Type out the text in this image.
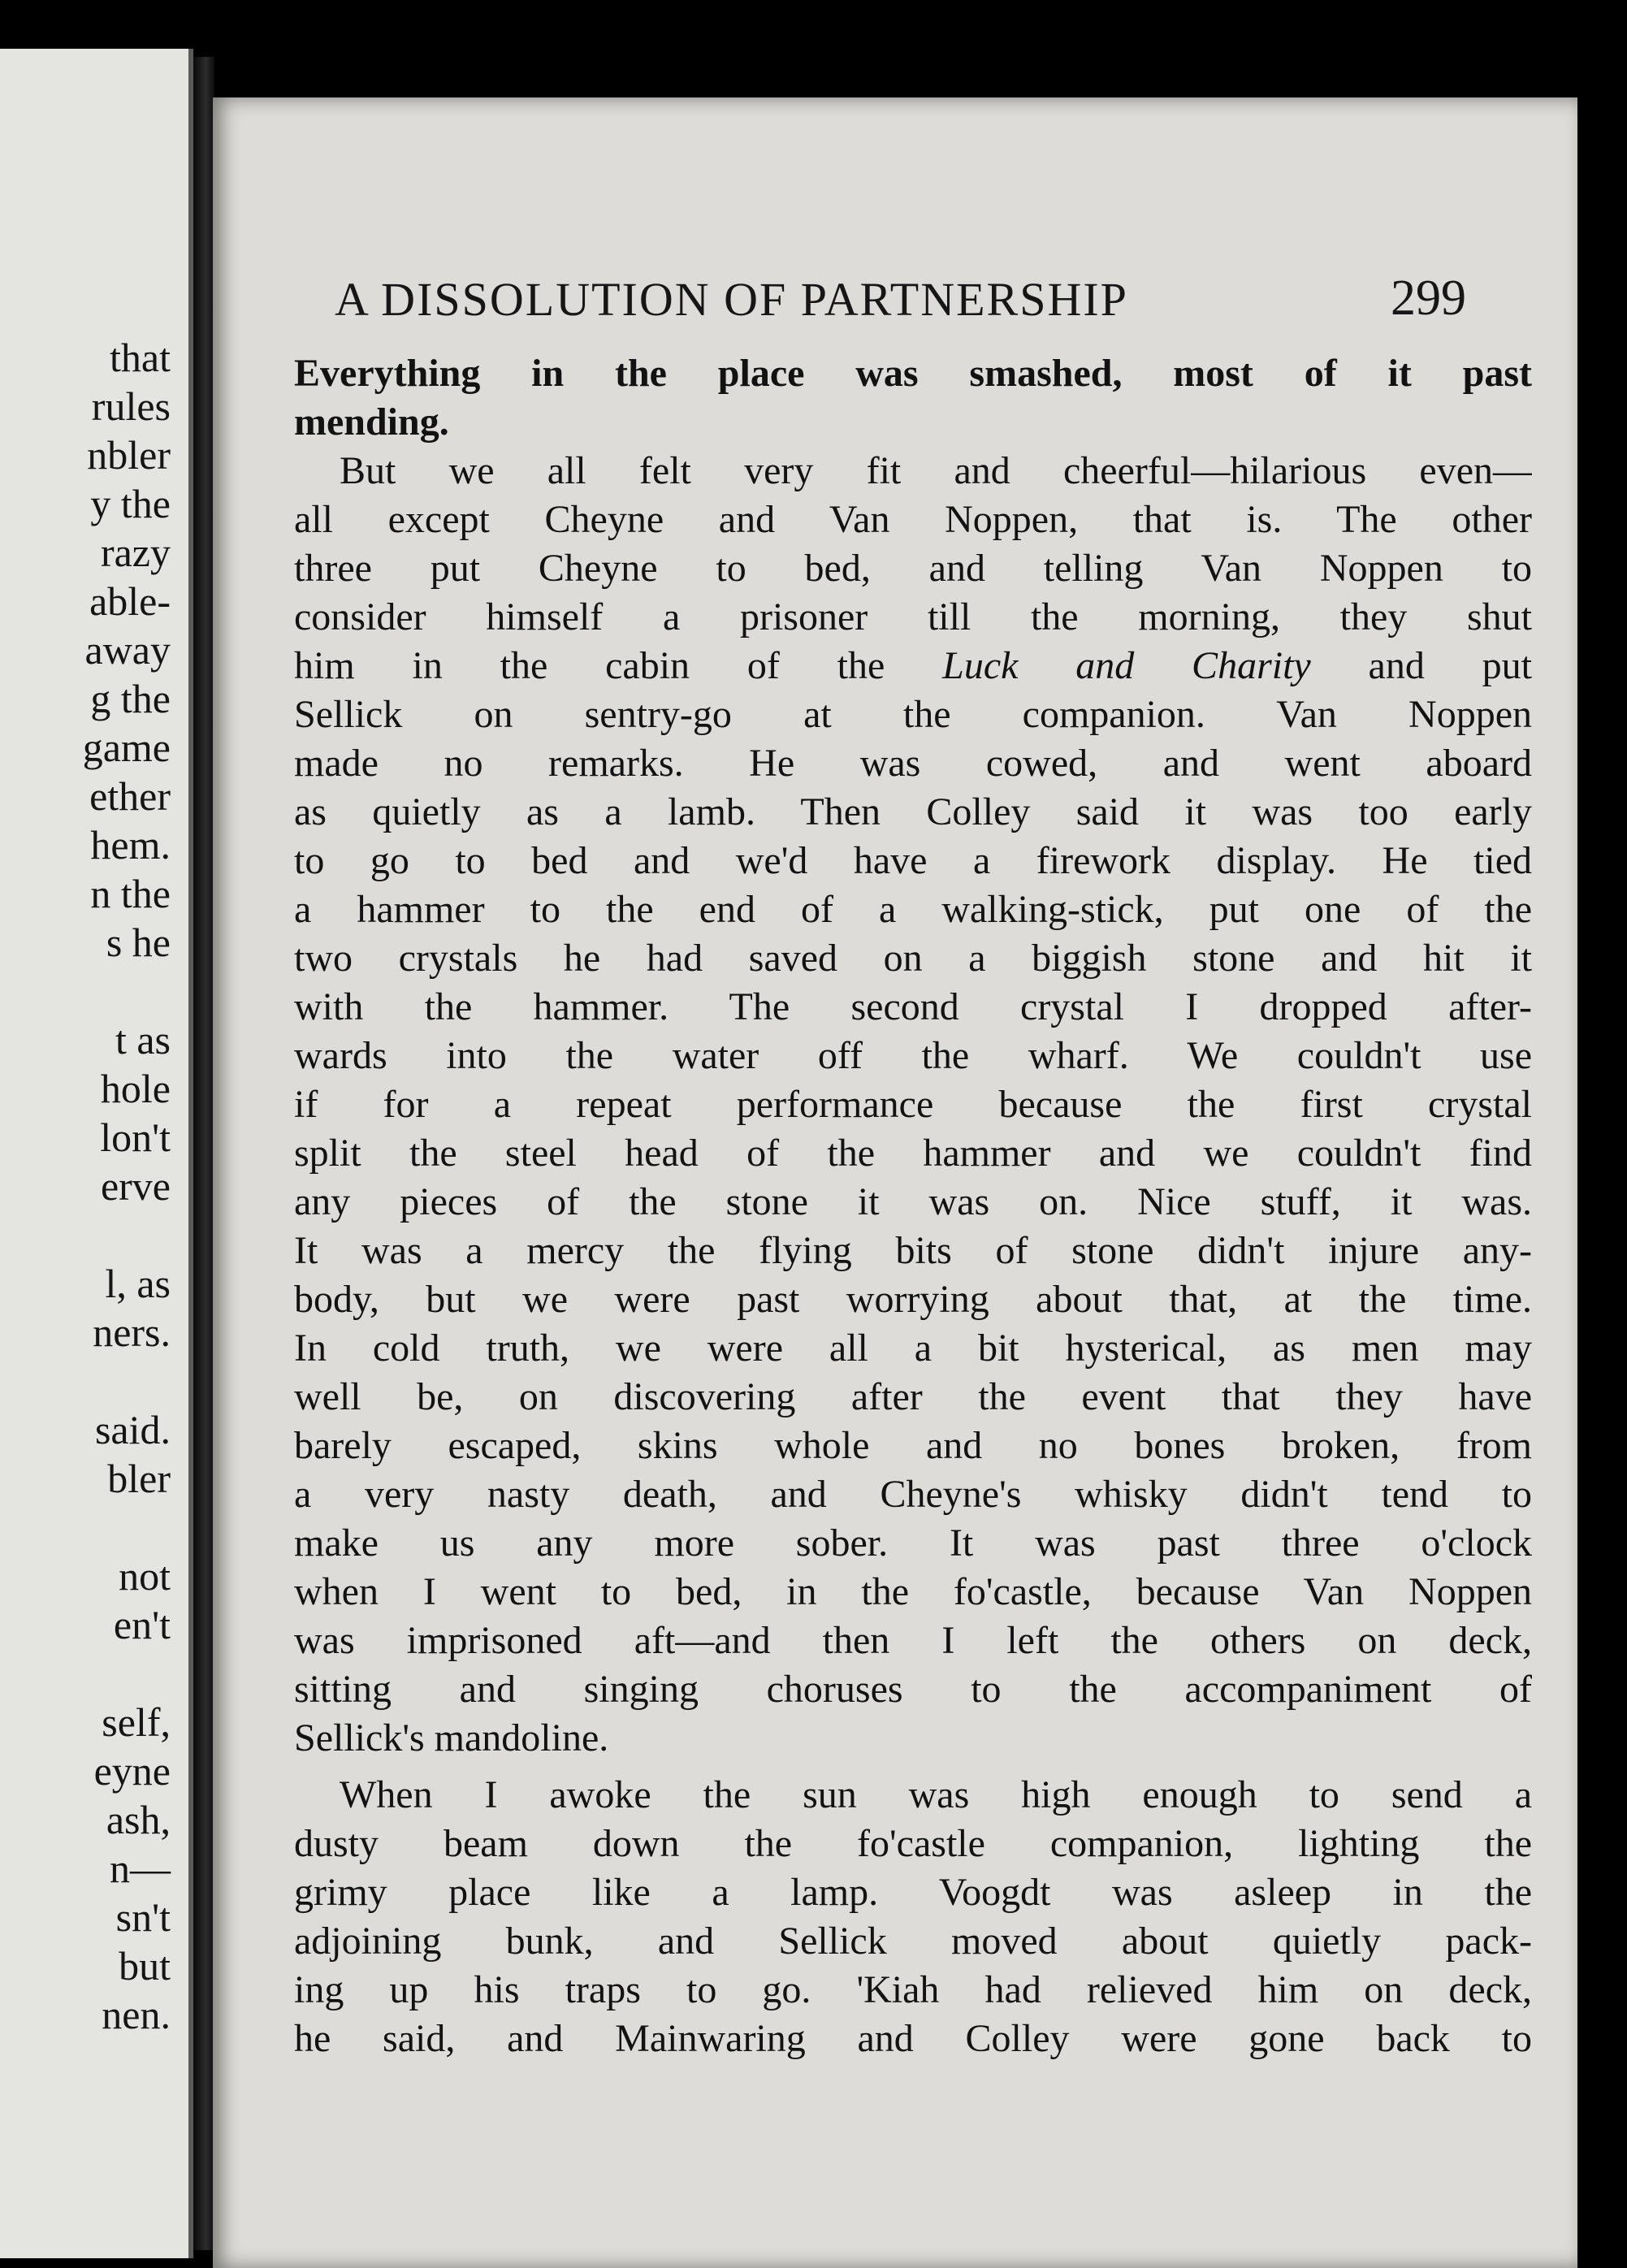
that
rules
nbler
y the
razy
able-
away
g the
game
ether
hem.
n the
s he
t as
hole
lon't
erve
l, as
ners.
said.
bler
not
en't
self,
eyne
ash,
n—
sn't
but
nen.
A DISSOLUTION OF PARTNERSHIP	299
Everything in the place was smashed, most of it past
mending.
But we all felt very fit and cheerful—hilarious even—
all except Cheyne and Van Noppen, that is. The other
three put Cheyne to bed, and telling Van Noppen to
consider himself a prisoner till the morning, they shut
him in the cabin of the Luck and Charity and put
Sellick on sentry-go at the companion. Van Noppen
made no remarks. He was cowed, and went aboard
as quietly as a lamb. Then Colley said it was too early
to go to bed and we'd have a firework display. He tied
a hammer to the end of a walking-stick, put one of the
two crystals he had saved on a biggish stone and hit it
with the hammer. The second crystal I dropped after-
wards into the water off the wharf. We couldn't use
if for a repeat performance because the first crystal
split the steel head of the hammer and we couldn't find
any pieces of the stone it was on. Nice stuff, it was.
It was a mercy the flying bits of stone didn't injure any-
body, but we were past worrying about that, at the time.
In cold truth, we were all a bit hysterical, as men may
well be, on discovering after the event that they have
barely escaped, skins whole and no bones broken, from
a very nasty death, and Cheyne's whisky didn't tend to
make us any more sober. It was past three o'clock
when I went to bed, in the fo'castle, because Van Noppen
was imprisoned aft—and then I left the others on deck,
sitting and singing choruses to the accompaniment of
Sellick's mandoline.
When I awoke the sun was high enough to send a
dusty beam down the fo'castle companion, lighting the
grimy place like a lamp. Voogdt was asleep in the
adjoining bunk, and Sellick moved about quietly pack-
ing up his traps to go. 'Kiah had relieved him on deck,
he said, and Mainwaring and Colley were gone back to
